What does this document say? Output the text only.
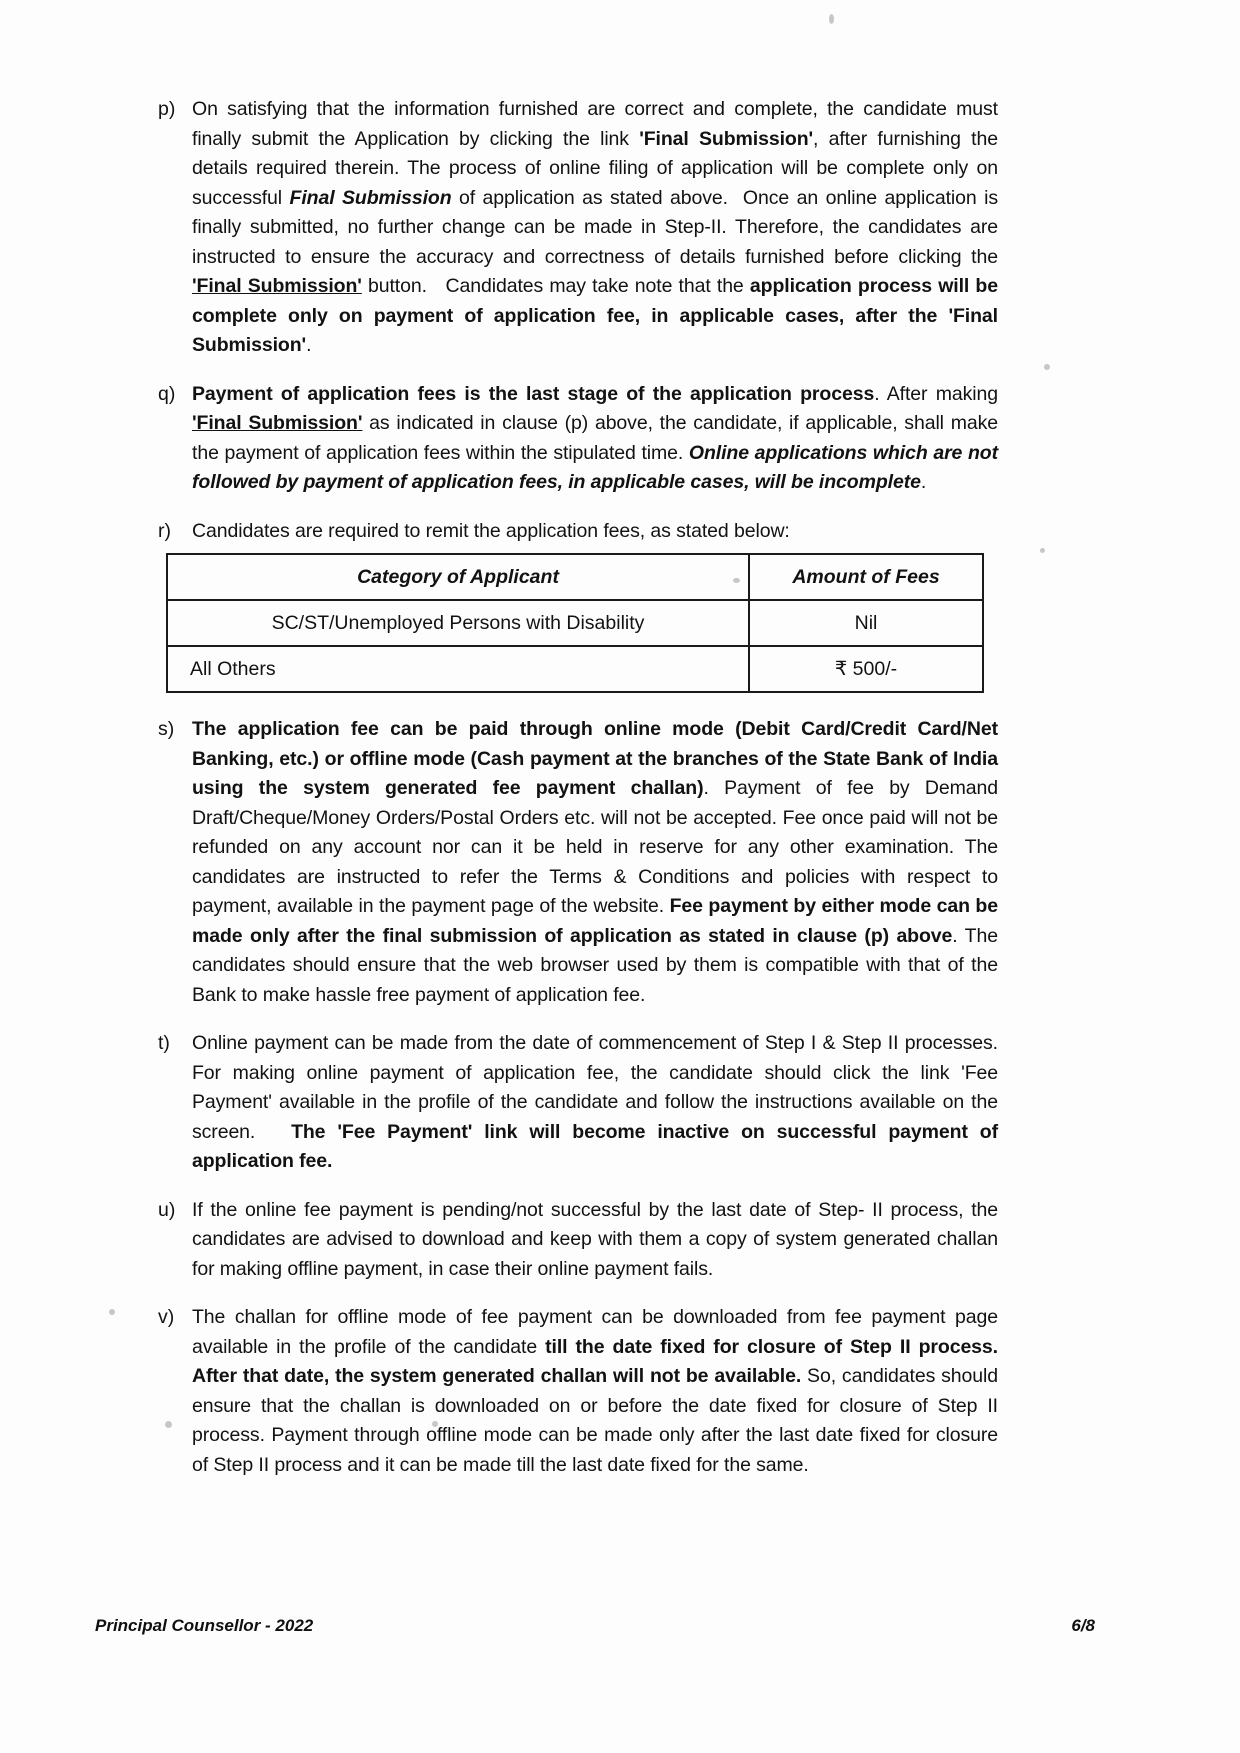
p) On satisfying that the information furnished are correct and complete, the candidate must finally submit the Application by clicking the link 'Final Submission', after furnishing the details required therein. The process of online filing of application will be complete only on successful Final Submission of application as stated above.  Once an online application is finally submitted, no further change can be made in Step-II. Therefore, the candidates are instructed to ensure the accuracy and correctness of details furnished before clicking the 'Final Submission' button.   Candidates may take note that the application process will be complete only on payment of application fee, in applicable cases, after the 'Final Submission'.
q) Payment of application fees is the last stage of the application process. After making 'Final Submission' as indicated in clause (p) above, the candidate, if applicable, shall make the payment of application fees within the stipulated time. Online applications which are not followed by payment of application fees, in applicable cases, will be incomplete.
r)	Candidates are required to remit the application fees, as stated below:
Category of Applicant	Amount of Fees
SC/ST/Unemployed Persons with Disability	Nil
All Others	₹ 500/-
s) The application fee can be paid through online mode (Debit Card/Credit Card/Net Banking, etc.) or offline mode (Cash payment at the branches of the State Bank of India using the system generated fee payment challan). Payment of fee by Demand Draft/Cheque/Money Orders/Postal Orders etc. will not be accepted. Fee once paid will not be refunded on any account nor can it be held in reserve for any other examination. The candidates are instructed to refer the Terms & Conditions and policies with respect to payment, available in the payment page of the website. Fee payment by either mode can be made only after the final submission of application as stated in clause (p) above. The candidates should ensure that the web browser used by them is compatible with that of the Bank to make hassle free payment of application fee.
t)	Online payment can be made from the date of commencement of Step I & Step II processes. For making online payment of application fee, the candidate should click the link 'Fee Payment' available in the profile of the candidate and follow the instructions available on the screen.   The 'Fee Payment' link will become inactive on successful payment of application fee.
u) If the online fee payment is pending/not successful by the last date of Step- II process, the candidates are advised to download and keep with them a copy of system generated challan for making offline payment, in case their online payment fails.
v) The challan for offline mode of fee payment can be downloaded from fee payment page available in the profile of the candidate till the date fixed for closure of Step II process. After that date, the system generated challan will not be available. So, candidates should ensure that the challan is downloaded on or before the date fixed for closure of Step II process. Payment through offline mode can be made only after the last date fixed for closure of Step II process and it can be made till the last date fixed for the same.
Principal Counsellor - 2022	6/8
